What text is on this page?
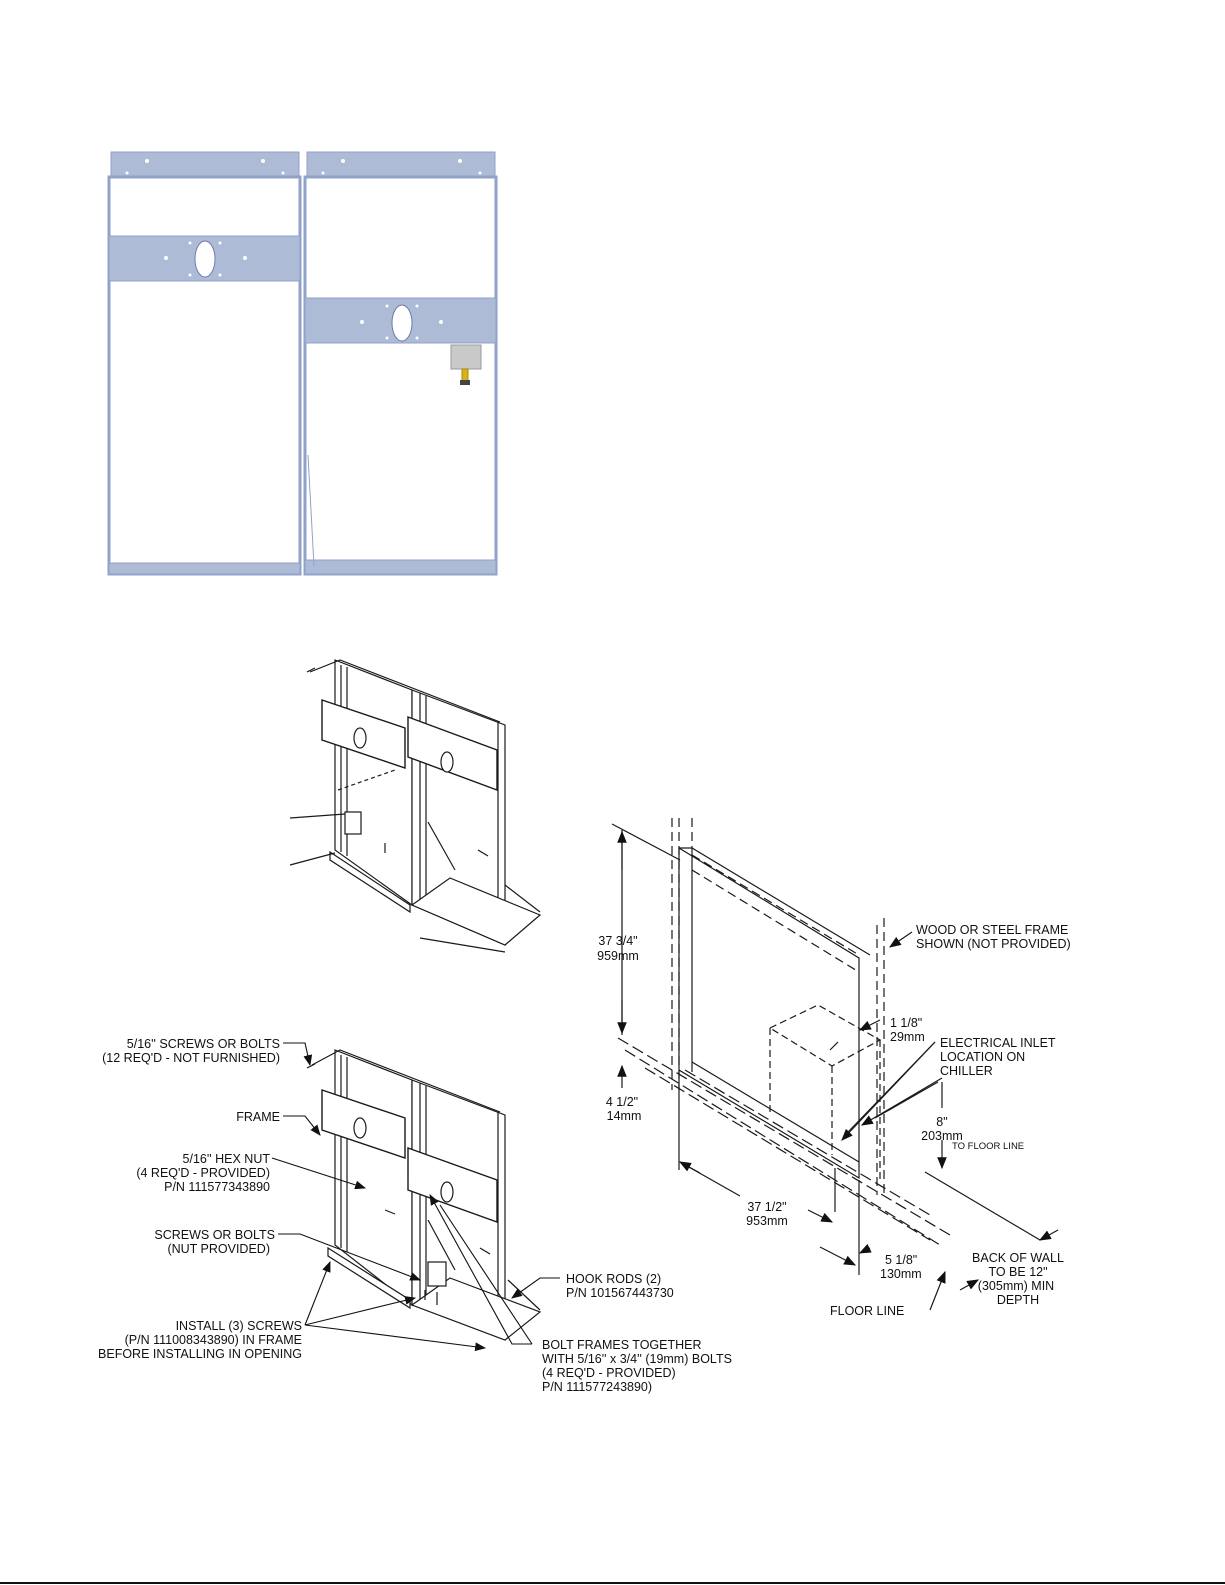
5/16'' SCREWS OR BOLTS
(12 REQ'D - NOT FURNISHED)
FRAME
5/16'' HEX NUT
(4 REQ'D - PROVIDED)
P/N 111577343890
SCREWS OR BOLTS
(NUT PROVIDED)
INSTALL (3) SCREWS
(P/N 111008343890) IN FRAME
BEFORE INSTALLING IN OPENING
HOOK RODS (2)
P/N 101567443730
BOLT FRAMES TOGETHER
WITH 5/16'' x 3/4'' (19mm) BOLTS
(4 REQ'D - PROVIDED)
P/N 111577243890)
37 3/4"
959mm
4 1/2"
14mm
37 1/2"
953mm
WOOD OR STEEL FRAME
SHOWN (NOT PROVIDED)
1 1/8"
29mm ELECTRICAL INLET
LOCATION ON
CHILLER
8"
203mm
TO FLOOR LINE
5 1/8"
130mm
FLOOR LINE
BACK OF WALL
TO BE 12"
(305mm) MIN
DEPTH
